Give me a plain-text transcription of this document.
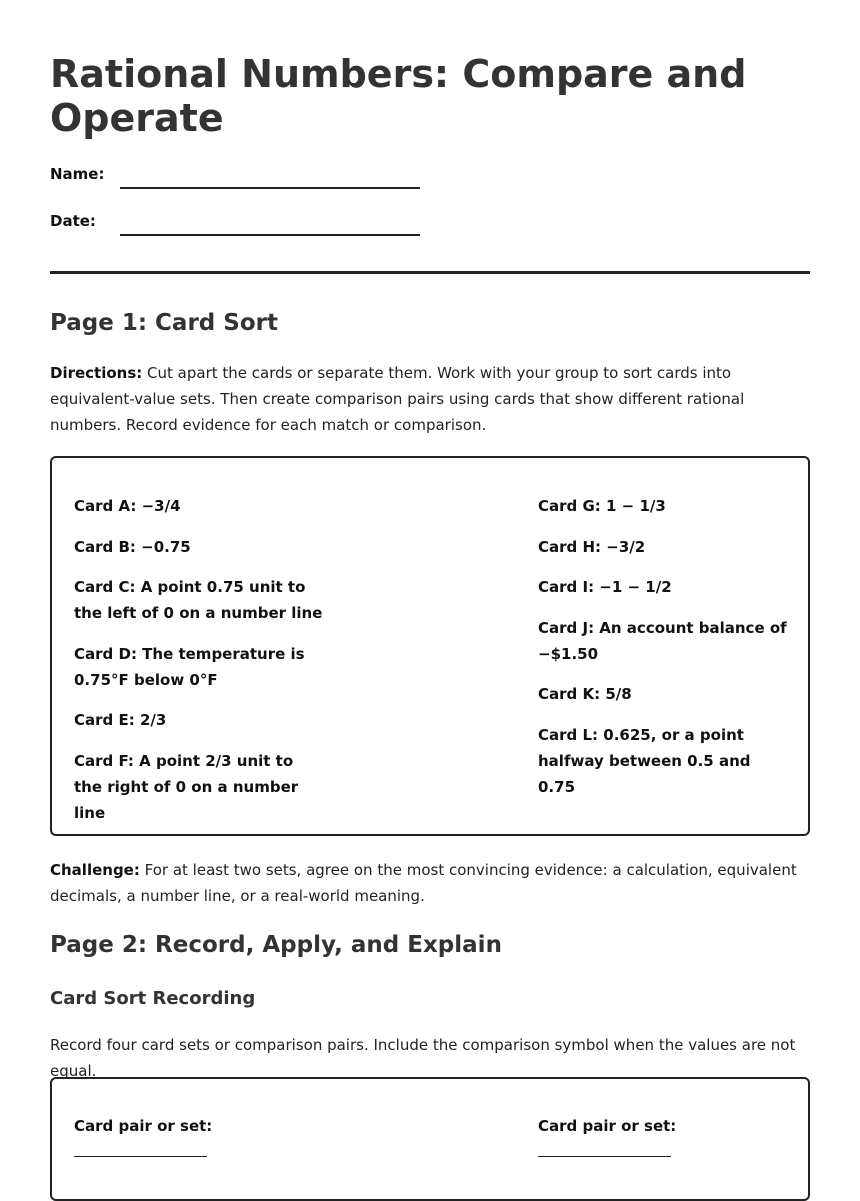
Rational Numbers: Compare and Operate
Name:
Date:
Page 1: Card Sort

Directions: Cut apart the cards or separate them. Work with your group to sort cards into equivalent-value sets. Then create comparison pairs using cards that show different rational numbers. Record evidence for each match or comparison.

Card A: −3/4
Card B: −0.75
Card C: A point 0.75 unit to the left of 0 on a number line
Card D: The temperature is 0.75°F below 0°F
Card E: 2/3
Card F: A point 2/3 unit to the right of 0 on a number line
Card G: 1 − 1/3
Card H: −3/2
Card I: −1 − 1/2
Card J: An account balance of −$1.50
Card K: 5/8
Card L: 0.625, or a point halfway between 0.5 and 0.75

Challenge: For at least two sets, agree on the most convincing evidence: a calculation, equivalent decimals, a number line, or a real-world meaning.

Page 2: Record, Apply, and Explain
Card Sort Recording

Record four card sets or comparison pairs. Include the comparison symbol when the values are not equal.

Card pair or set:	Card pair or set:
